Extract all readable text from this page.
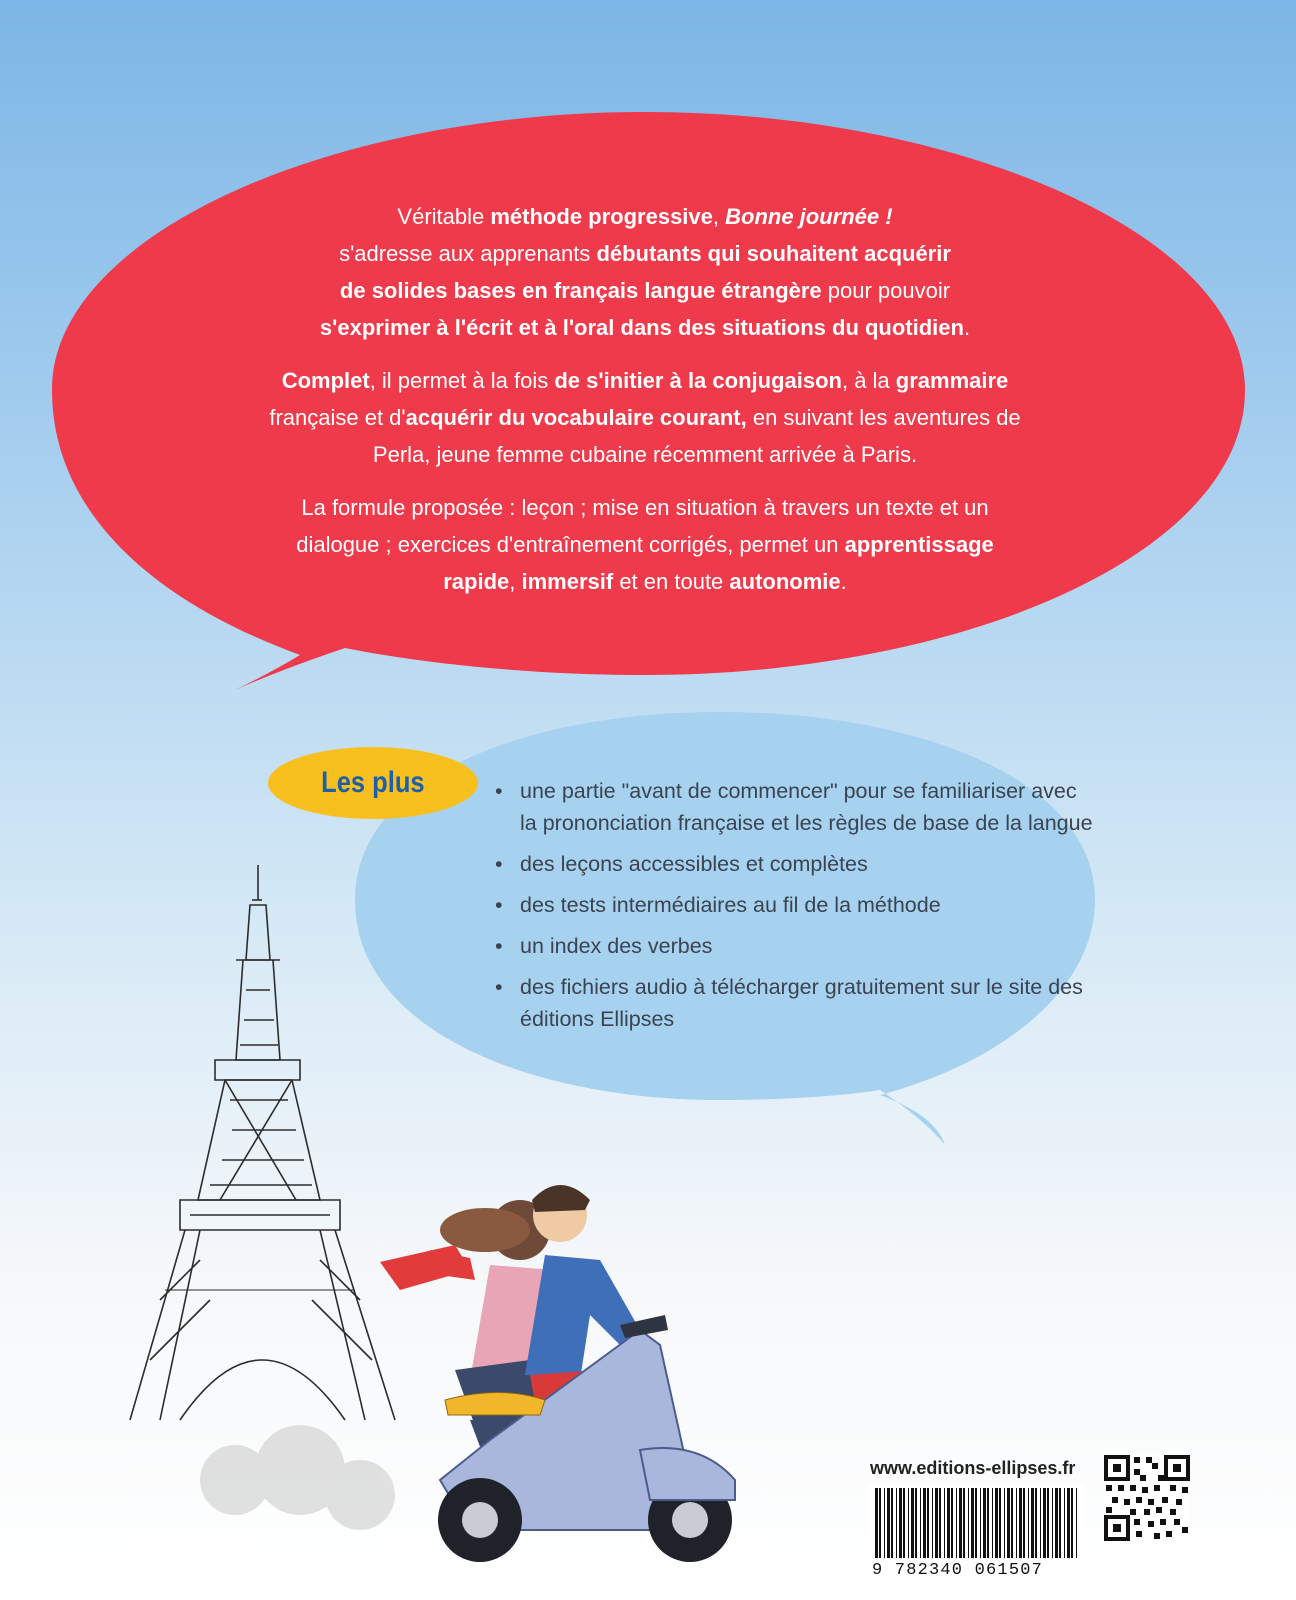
Véritable méthode progressive, Bonne journée !
s'adresse aux apprenants débutants qui souhaitent acquérir
de solides bases en français langue étrangère pour pouvoir
s'exprimer à l'écrit et à l'oral dans des situations du quotidien.

Complet, il permet à la fois de s'initier à la conjugaison, à la grammaire
française et d'acquérir du vocabulaire courant, en suivant les aventures de
Perla, jeune femme cubaine récemment arrivée à Paris.

La formule proposée : leçon ; mise en situation à travers un texte et un
dialogue ; exercices d'entraînement corrigés, permet un apprentissage
rapide, immersif et en toute autonomie.

Les plus
•	une partie "avant de commencer" pour se familiariser avec la prononciation française et les règles de base de la langue
• des leçons accessibles et complètes
• des tests intermédiaires au fil de la méthode
• un index des verbes
• des fichiers audio à télécharger gratuitement sur le site des éditions Ellipses
www.editions-ellipses.fr
9 782340 061507
